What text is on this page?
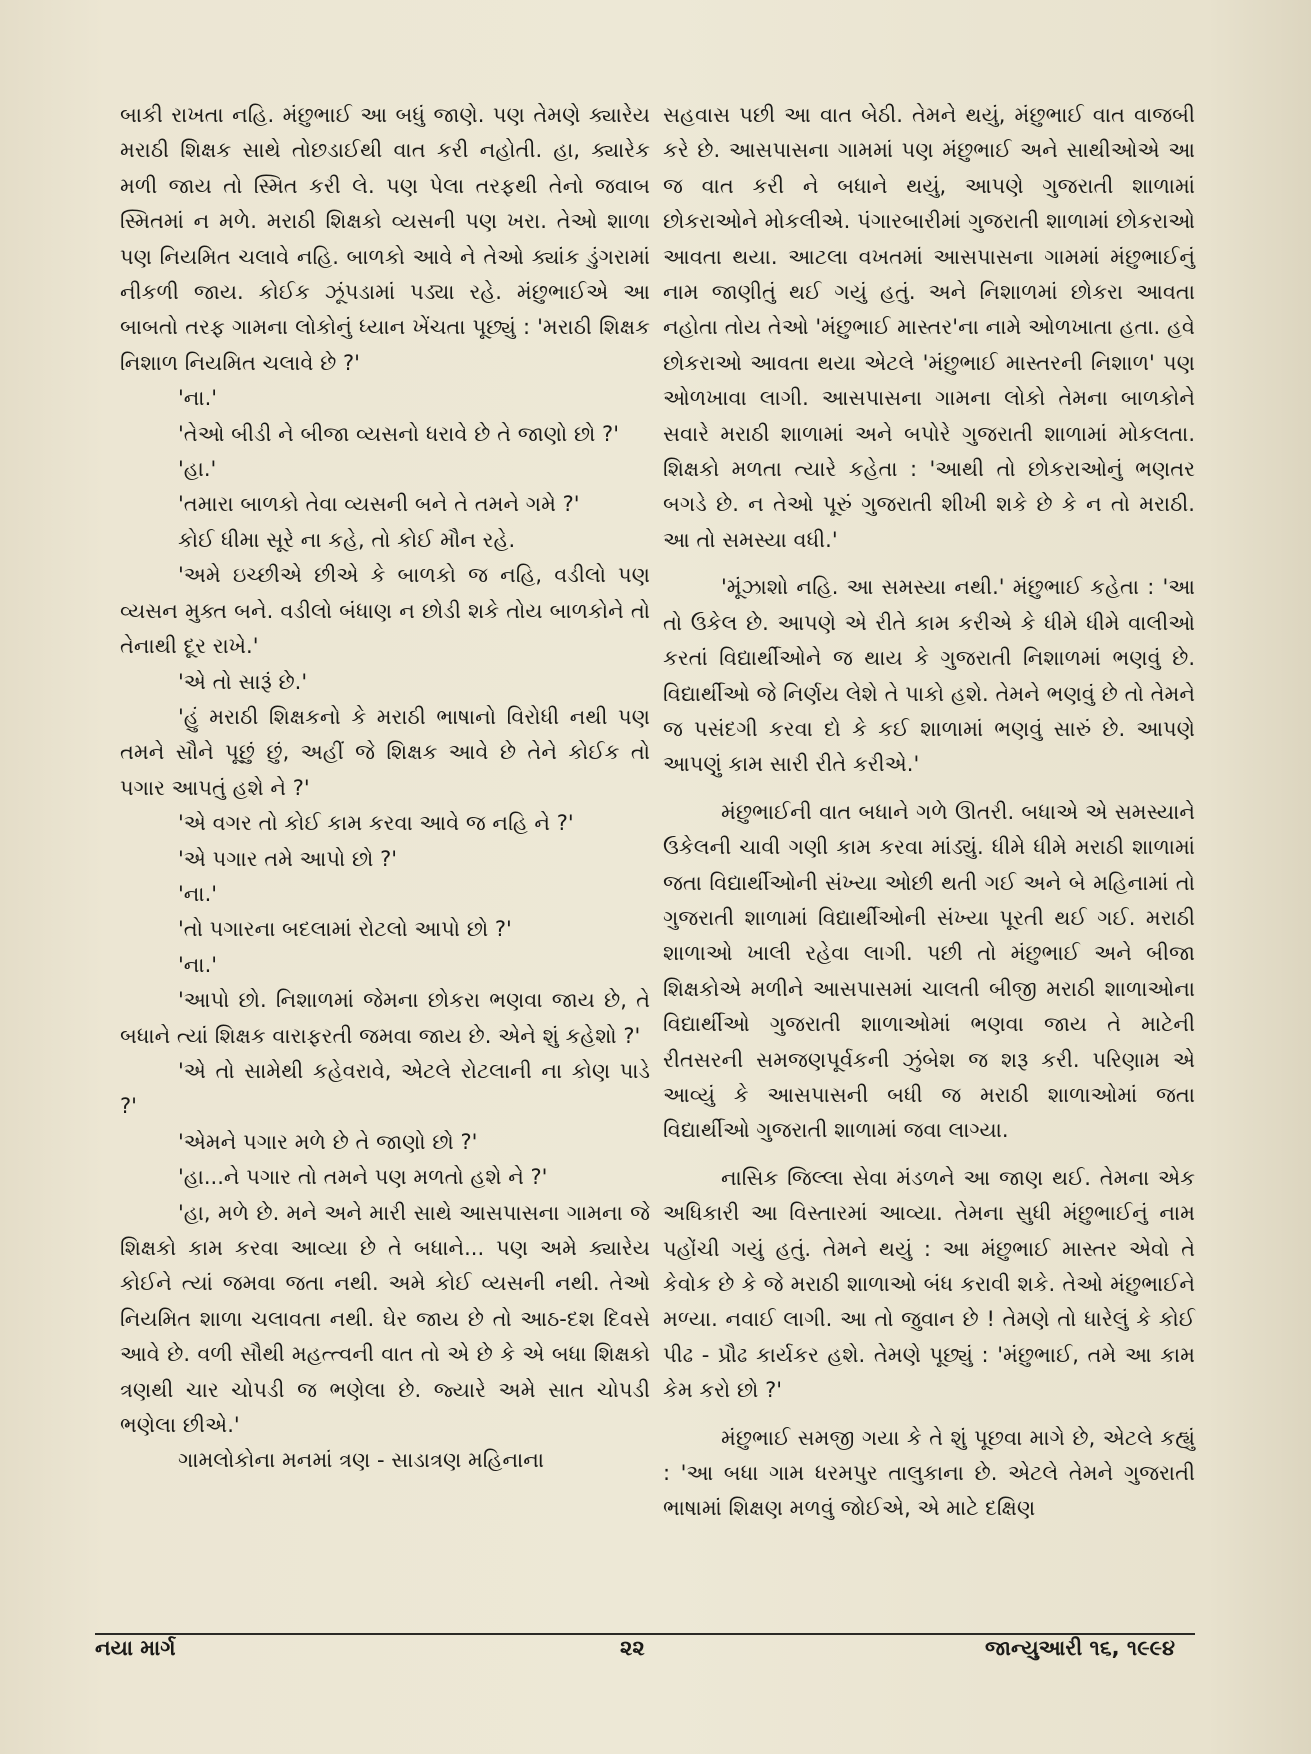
બાકી રાખતા નહિ. મંછુભાઈ આ બધું જાણે. પણ તેમણે ક્યારેય મરાઠી શિક્ષક સાથે તોછડાઈથી વાત કરી નહોતી. હા, ક્યારેક મળી જાય તો સ્મિત કરી લે. પણ પેલા તરફથી તેનો જવાબ સ્મિતમાં ન મળે. મરાઠી શિક્ષકો વ્યસની પણ ખરા. તેઓ શાળા પણ નિયમિત ચલાવે નહિ. બાળકો આવે ને તેઓ ક્યાંક ડુંગરામાં નીકળી જાય. કોઈક ઝૂંપડામાં પડ્યા રહે. મંછુભાઈએ આ બાબતો તરફ ગામના લોકોનું ધ્યાન ખેંચતા પૂછ્યું : 'મરાઠી શિક્ષક નિશાળ નિયમિત ચલાવે છે ?'

'ના.'

'તેઓ બીડી ને બીજા વ્યસનો ધરાવે છે તે જાણો છો ?'

'હા.'

'તમારા બાળકો તેવા વ્યસની બને તે તમને ગમે ?'

કોઈ ધીમા સૂરે ના કહે, તો કોઈ મૌન રહે.

'અમે ઇચ્છીએ છીએ કે બાળકો જ નહિ, વડીલો પણ વ્યસન મુક્ત બને. વડીલો બંધાણ ન છોડી શકે તોય બાળકોને તો તેનાથી દૂર રાખે.'

'એ તો સારૂં છે.'

'હું મરાઠી શિક્ષકનો કે મરાઠી ભાષાનો વિરોધી નથી પણ તમને સૌને પૂછું છું, અહીં જે શિક્ષક આવે છે તેને કોઈક તો પગાર આપતું હશે ને ?'

'એ વગર તો કોઈ કામ કરવા આવે જ નહિ ને ?'

'એ પગાર તમે આપો છો ?'

'ના.'

'તો પગારના બદલામાં રોટલો આપો છો ?'

'ના.'

'આપો છો. નિશાળમાં જેમના છોકરા ભણવા જાય છે, તે બધાને ત્યાં શિક્ષક વારાફરતી જમવા જાય છે. એને શું કહેશો ?'

'એ તો સામેથી કહેવરાવે, એટલે રોટલાની ના કોણ પાડે ?'

'એમને પગાર મળે છે તે જાણો છો ?'

'હા...ને પગાર તો તમને પણ મળતો હશે ને ?'

'હા, મળે છે. મને અને મારી સાથે આસપાસના ગામના જે શિક્ષકો કામ કરવા આવ્યા છે તે બધાને... પણ અમે ક્યારેય કોઈને ત્યાં જમવા જતા નથી. અમે કોઈ વ્યસની નથી. તેઓ નિયમિત શાળા ચલાવતા નથી. ઘેર જાય છે તો આઠ-દશ દિવસે આવે છે. વળી સૌથી મહત્ત્વની વાત તો એ છે કે એ બધા શિક્ષકો ત્રણથી ચાર ચોપડી જ ભણેલા છે. જ્યારે અમે સાત ચોપડી ભણેલા છીએ.'

ગામલોકોના મનમાં ત્રણ - સાડાત્રણ મહિનાના

સહવાસ પછી આ વાત બેઠી. તેમને થયું, મંછુભાઈ વાત વાજબી કરે છે. આસપાસના ગામમાં પણ મંછુભાઈ અને સાથીઓએ આ જ વાત કરી ને બધાને થયું, આપણે ગુજરાતી શાળામાં છોકરાઓને મોકલીએ. પંગારબારીમાં ગુજરાતી શાળામાં છોકરાઓ આવતા થયા. આટલા વખતમાં આસપાસના ગામમાં મંછુભાઈનું નામ જાણીતું થઈ ગયું હતું. અને નિશાળમાં છોકરા આવતા નહોતા તોય તેઓ 'મંછુભાઈ માસ્તર'ના નામે ઓળખાતા હતા. હવે છોકરાઓ આવતા થયા એટલે 'મંછુભાઈ માસ્તરની નિશાળ' પણ ઓળખાવા લાગી. આસપાસના ગામના લોકો તેમના બાળકોને સવારે મરાઠી શાળામાં અને બપોરે ગુજરાતી શાળામાં મોકલતા. શિક્ષકો મળતા ત્યારે કહેતા : 'આથી તો છોકરાઓનું ભણતર બગડે છે. ન તેઓ પૂરું ગુજરાતી શીખી શકે છે કે ન તો મરાઠી. આ તો સમસ્યા વધી.'

'મૂંઝાશો નહિ. આ સમસ્યા નથી.' મંછુભાઈ કહેતા : 'આ તો ઉકેલ છે. આપણે એ રીતે કામ કરીએ કે ધીમે ધીમે વાલીઓ કરતાં વિદ્યાર્થીઓને જ થાય કે ગુજરાતી નિશાળમાં ભણવું છે. વિદ્યાર્થીઓ જે નિર્ણય લેશે તે પાકો હશે. તેમને ભણવું છે તો તેમને જ પસંદગી કરવા દો કે કઈ શાળામાં ભણવું સારું છે. આપણે આપણું કામ સારી રીતે કરીએ.'

મંછુભાઈની વાત બધાને ગળે ઊતરી. બધાએ એ સમસ્યાને ઉકેલની ચાવી ગણી કામ કરવા માંડ્યું. ધીમે ધીમે મરાઠી શાળામાં જતા વિદ્યાર્થીઓની સંખ્યા ઓછી થતી ગઈ અને બે મહિનામાં તો ગુજરાતી શાળામાં વિદ્યાર્થીઓની સંખ્યા પૂરતી થઈ ગઈ. મરાઠી શાળાઓ ખાલી રહેવા લાગી. પછી તો મંછુભાઈ અને બીજા શિક્ષકોએ મળીને આસપાસમાં ચાલતી બીજી મરાઠી શાળાઓના વિદ્યાર્થીઓ ગુજરાતી શાળાઓમાં ભણવા જાય તે માટેની રીતસરની સમજણપૂર્વકની ઝુંબેશ જ શરૂ કરી. પરિણામ એ આવ્યું કે આસપાસની બધી જ મરાઠી શાળાઓમાં જતા વિદ્યાર્થીઓ ગુજરાતી શાળામાં જવા લાગ્યા.

નાસિક જિલ્લા સેવા મંડળને આ જાણ થઈ. તેમના એક અધિકારી આ વિસ્તારમાં આવ્યા. તેમના સુધી મંછુભાઈનું નામ પહોંચી ગયું હતું. તેમને થયું : આ મંછુભાઈ માસ્તર એવો તે કેવોક છે કે જે મરાઠી શાળાઓ બંધ કરાવી શકે. તેઓ મંછુભાઈને મળ્યા. નવાઈ લાગી. આ તો જુવાન છે ! તેમણે તો ધારેલું કે કોઈ પીઢ - પ્રૌઢ કાર્યકર હશે. તેમણે પૂછ્યું : 'મંછુભાઈ, તમે આ કામ કેમ કરો છો ?'

મંછુભાઈ સમજી ગયા કે તે શું પૂછવા માગે છે, એટલે કહ્યું : 'આ બધા ગામ ધરમપુર તાલુકાના છે. એટલે તેમને ગુજરાતી ભાષામાં શિક્ષણ મળવું જોઈએ, એ માટે દક્ષિણ

નયા માર્ગ	૨૨	જાન્યુઆરી ૧૬, ૧૯૯૪
